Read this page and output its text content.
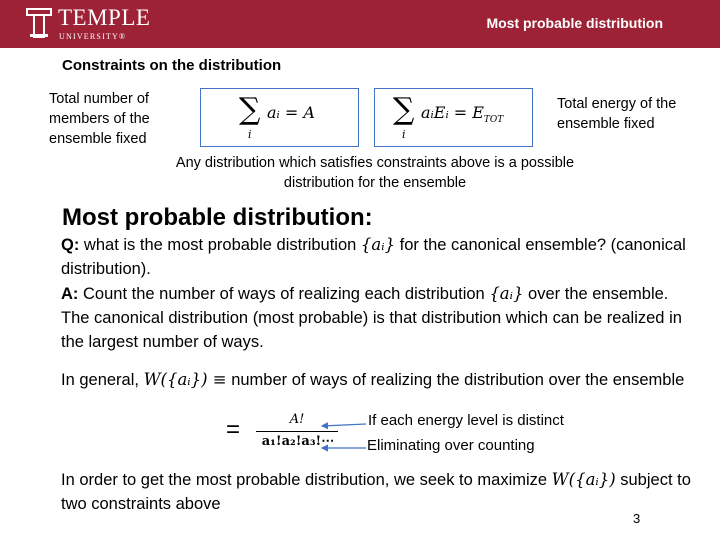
TEMPLE
UNIVERSITY®
Most probable distribution
Constraints on the distribution
Total number of members of the ensemble fixed
Total energy of the ensemble fixed
∑
i
aᵢ = A	∑
i
aᵢEᵢ = $E_{TOT}$
Any distribution which satisfies constraints above is a possible distribution for the ensemble
Most probable distribution:
Q: what is the most probable distribution {aᵢ} for the canonical ensemble? (canonical distribution).
A: Count the number of ways of realizing each distribution {aᵢ} over the ensemble. The canonical distribution (most probable) is that distribution which can be realized in the largest number of ways.
In general, W({aᵢ}) ≡ number of ways of realizing the distribution over the ensemble
=	A!
a₁!a₂!a₃!⋯
If each energy level is distinct
Eliminating over counting
In order to get the most probable distribution, we seek to maximize W({aᵢ}) subject to two constraints above
3
